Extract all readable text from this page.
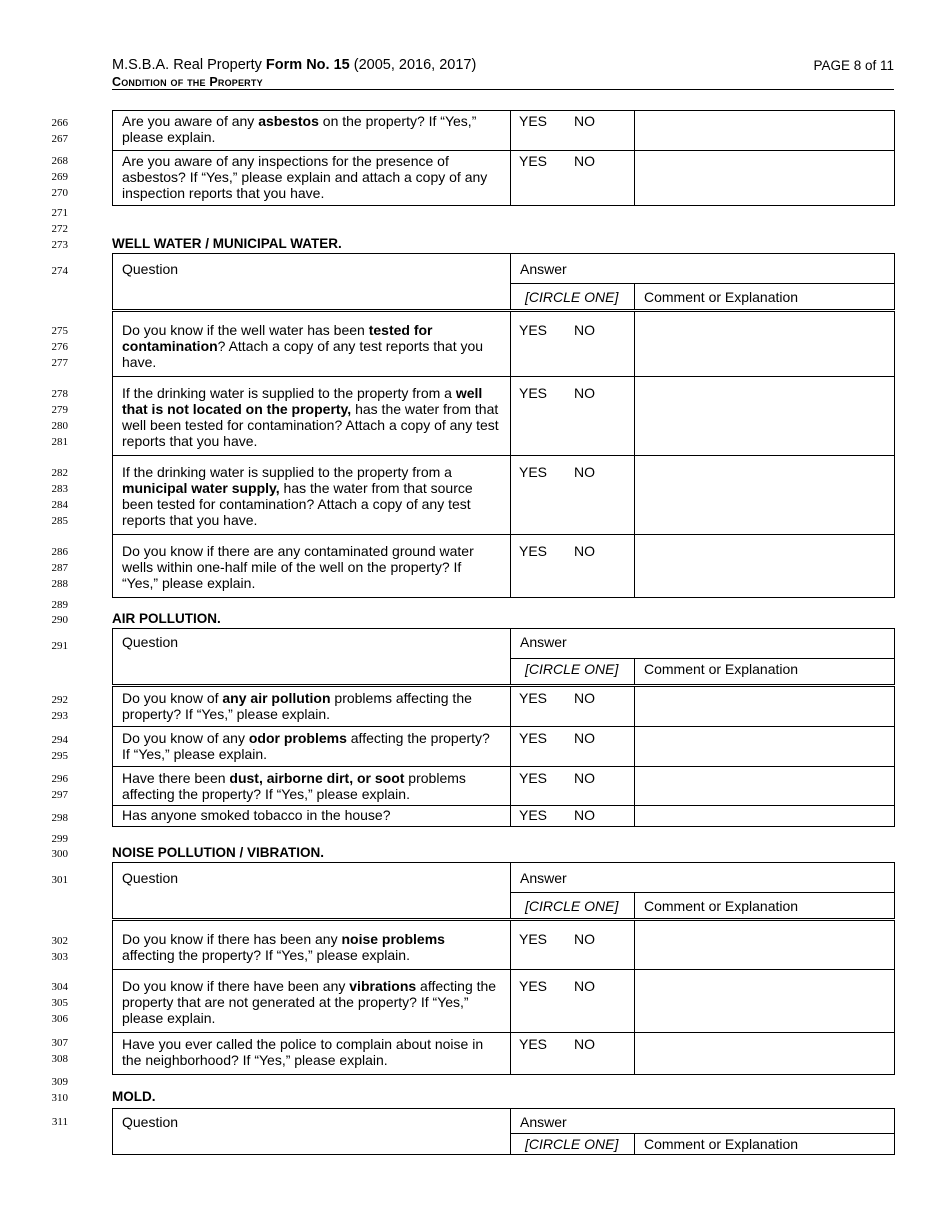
M.S.B.A. Real Property Form No. 15 (2005, 2016, 2017)
Condition of the Property
PAGE 8 of 11
266
267
268
269
270
271
272
273
274
275
276
277
278
279
280
281
282
283
284
285
286
287
288
289
290
291
292
293
294
295
296
297
298
299
300
301
302
303
304
305
306
307
308
309
310
311
Are you aware of any asbestos on the property? If “Yes,” please explain.	YES NO	
Are you aware of any inspections for the presence of asbestos? If “Yes,” please explain and attach a copy of any inspection reports that you have.	YES NO	
WELL WATER / MUNICIPAL WATER.
Question	Answer	
	[CIRCLE ONE]	Comment or Explanation
Do you know if the well water has been tested for contamination? Attach a copy of any test reports that you have.	YES NO	
If the drinking water is supplied to the property from a well that is not located on the property, has the water from that well been tested for contamination? Attach a copy of any test reports that you have.	YES NO	
If the drinking water is supplied to the property from a municipal water supply, has the water from that source been tested for contamination? Attach a copy of any test reports that you have.	YES NO	
Do you know if there are any contaminated ground water wells within one-half mile of the well on the property? If “Yes,” please explain.	YES NO	
AIR POLLUTION.
Question	Answer	
	[CIRCLE ONE]	Comment or Explanation
Do you know of any air pollution problems affecting the property? If “Yes,” please explain.	YES NO	
Do you know of any odor problems affecting the property? If “Yes,” please explain.	YES NO	
Have there been dust, airborne dirt, or soot problems affecting the property? If “Yes,” please explain.	YES NO	
Has anyone smoked tobacco in the house?	YES NO	
NOISE POLLUTION / VIBRATION.
Question	Answer	
	[CIRCLE ONE]	Comment or Explanation
Do you know if there has been any noise problems affecting the property? If “Yes,” please explain.	YES NO	
Do you know if there have been any vibrations affecting the property that are not generated at the property? If “Yes,” please explain.	YES NO	
Have you ever called the police to complain about noise in the neighborhood? If “Yes,” please explain.	YES NO	
MOLD.
Question	Answer	
	[CIRCLE ONE]	Comment or Explanation
